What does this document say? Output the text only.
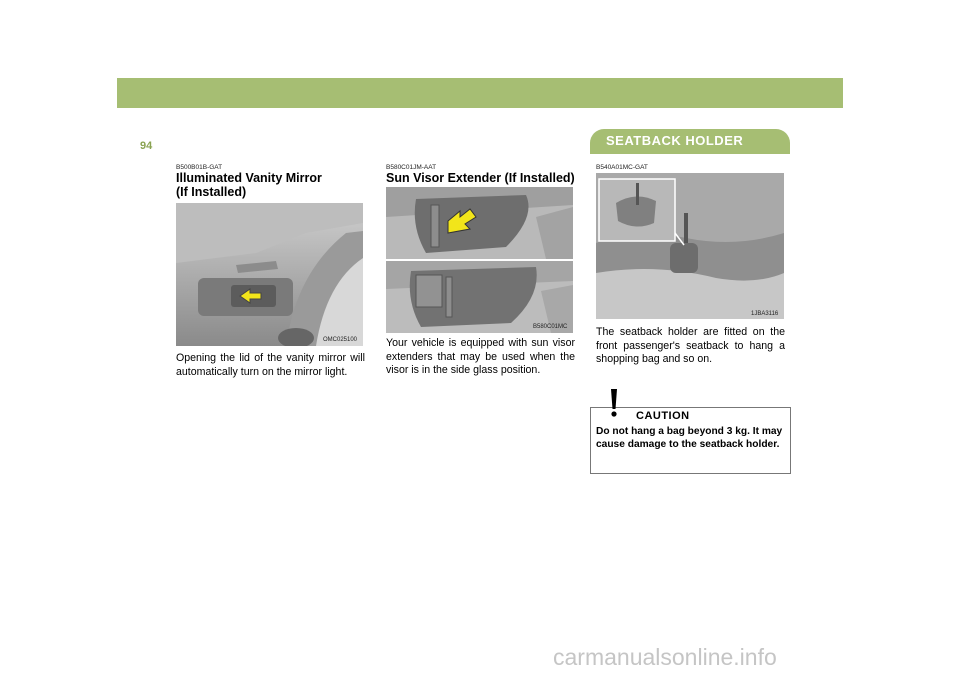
1 FEATURES OF YOUR HYUNDAI
94	SEATBACK HOLDER
B500B01B-GAT
Illuminated Vanity Mirror
(If Installed)
OMC025100
Opening the lid of the vanity mirror will automatically turn on the mirror light.
B580C01JM-AAT
Sun Visor Extender (If Installed)
B580C01MC
Your vehicle is equipped with sun visor extenders that may be used when the visor is in the side glass position.
B540A01MC-GAT
1JBA3116
The seatback holder are fitted on the front passenger's seatback to hang a shopping bag and so on.
CAUTION
Do not hang a bag beyond 3 kg. It may cause damage to the seatback holder.
carmanualsonline.info
